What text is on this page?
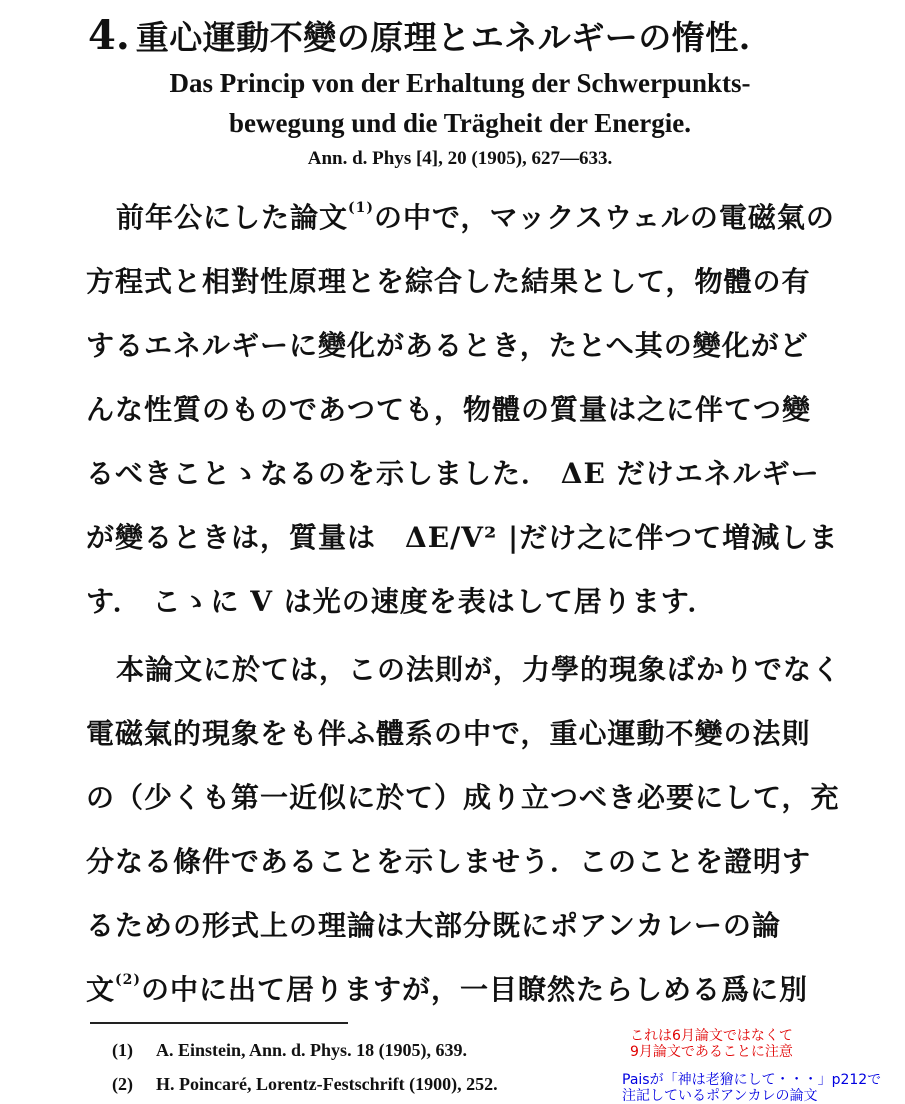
4. 重心運動不變の原理とエネルギーの惰性.
Das Princip von der Erhaltung der Schwerpunkts-
bewegung und die Trägheit der Energie.
Ann. d. Phys [4], 20 (1905), 627—633.
前年公にした論文$^{(1)}$の中で，マックスウェルの電磁氣の
方程式と相對性原理とを綜合した結果として，物體の有
するエネルギーに變化があるとき，たとへ其の變化がど
んな性質のものであつても，物體の質量は之に伴てつ變
るべきことゝなるのを示しました． ΔE だけエネルギー
が變るときは，質量は　ΔE/V² |だけ之に伴つて増減しま
す． こゝに V は光の速度を表はして居ります．
本論文に於ては，この法則が，力學的現象ばかりでなく
電磁氣的現象をも伴ふ體系の中で，重心運動不變の法則
の（少くも第一近似に於て）成り立つべき必要にして，充
分なる條件であることを示しませう．このことを證明す
るための形式上の理論は大部分既にポアンカレーの論
文$^{(2)}$の中に出て居りますが，一目瞭然たらしめる爲に別
(1) A. Einstein, Ann. d. Phys. 18 (1905), 639.
(2) H. Poincaré, Lorentz-Festschrift (1900), 252.
これは6月論文ではなくて
9月論文であることに注意
Paisが「神は老獪にして・・・」p212で
注記しているポアンカレの論文
